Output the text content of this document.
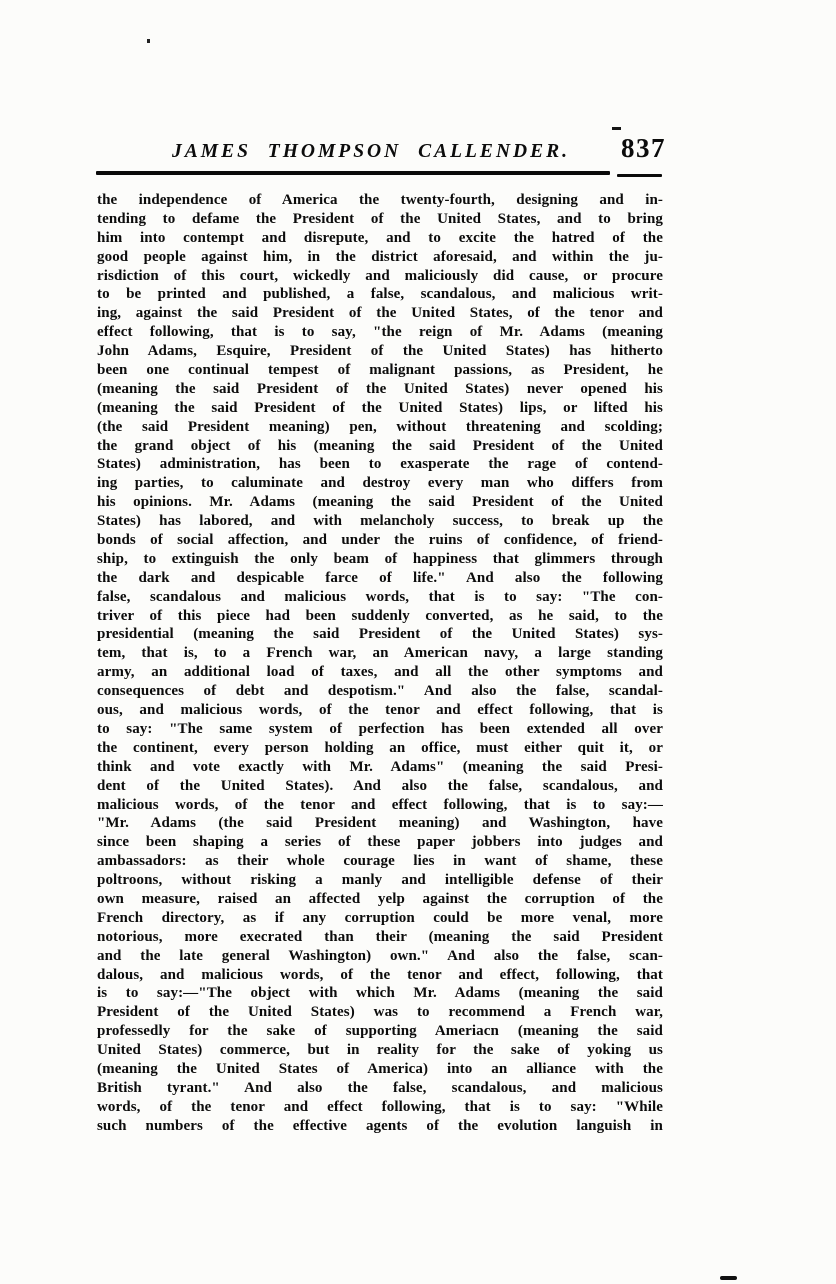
JAMES THOMPSON CALLENDER.	837
the independence of America the twenty-fourth, designing and in-
tending to defame the President of the United States, and to bring
him into contempt and disrepute, and to excite the hatred of the
good people against him, in the district aforesaid, and within the ju-
risdiction of this court, wickedly and maliciously did cause, or procure
to be printed and published, a false, scandalous, and malicious writ-
ing, against the said President of the United States, of the tenor and
effect following, that is to say, "the reign of Mr. Adams (meaning
John Adams, Esquire, President of the United States) has hitherto
been one continual tempest of malignant passions, as President, he
(meaning the said President of the United States) never opened his
(meaning the said President of the United States) lips, or lifted his
(the said President meaning) pen, without threatening and scolding;
the grand object of his (meaning the said President of the United
States) administration, has been to exasperate the rage of contend-
ing parties, to caluminate and destroy every man who differs from
his opinions. Mr. Adams (meaning the said President of the United
States) has labored, and with melancholy success, to break up the
bonds of social affection, and under the ruins of confidence, of friend-
ship, to extinguish the only beam of happiness that glimmers through
the dark and despicable farce of life." And also the following
false, scandalous and malicious words, that is to say: "The con-
triver of this piece had been suddenly converted, as he said, to the
presidential (meaning the said President of the United States) sys-
tem, that is, to a French war, an American navy, a large standing
army, an additional load of taxes, and all the other symptoms and
consequences of debt and despotism." And also the false, scandal-
ous, and malicious words, of the tenor and effect following, that is
to say: "The same system of perfection has been extended all over
the continent, every person holding an office, must either quit it, or
think and vote exactly with Mr. Adams" (meaning the said Presi-
dent of the United States). And also the false, scandalous, and
malicious words, of the tenor and effect following, that is to say:—
"Mr. Adams (the said President meaning) and Washington, have
since been shaping a series of these paper jobbers into judges and
ambassadors: as their whole courage lies in want of shame, these
poltroons, without risking a manly and intelligible defense of their
own measure, raised an affected yelp against the corruption of the
French directory, as if any corruption could be more venal, more
notorious, more execrated than their (meaning the said President
and the late general Washington) own." And also the false, scan-
dalous, and malicious words, of the tenor and effect, following, that
is to say:—"The object with which Mr. Adams (meaning the said
President of the United States) was to recommend a French war,
professedly for the sake of supporting Ameriacn (meaning the said
United States) commerce, but in reality for the sake of yoking us
(meaning the United States of America) into an alliance with the
British tyrant." And also the false, scandalous, and malicious
words, of the tenor and effect following, that is to say: "While
such numbers of the effective agents of the evolution languish in
